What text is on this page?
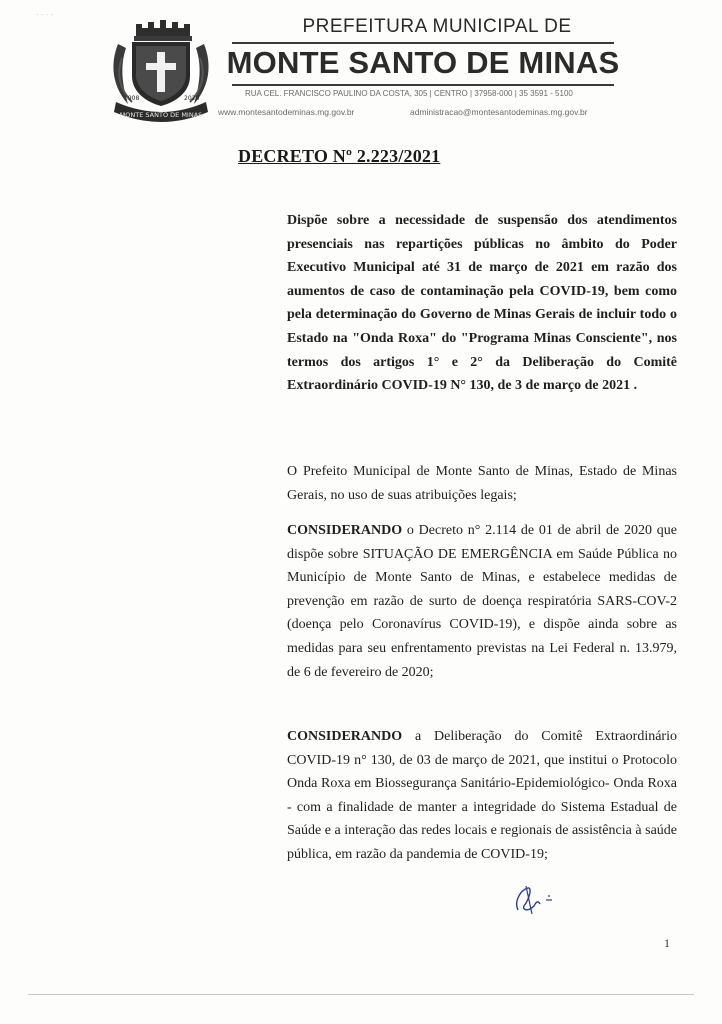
· · · ·
MONTE SANTO DE MINAS
1908	2020
PREFEITURA MUNICIPAL DE
MONTE SANTO DE MINAS
RUA CEL. FRANCISCO PAULINO DA COSTA, 305 | CENTRO | 37958-000 | 35 3591 - 5100
www.montesantodeminas.mg.gov.br	administracao@montesantodeminas.mg.gov.br
DECRETO Nº 2.223/2021
Dispõe sobre a necessidade de suspensão dos atendimentos presenciais nas repartições públicas no âmbito do Poder Executivo Municipal até 31 de março de 2021 em razão dos aumentos de caso de contaminação pela COVID-19, bem como pela determinação do Governo de Minas Gerais de incluir todo o Estado na "Onda Roxa" do "Programa Minas Consciente", nos termos dos artigos 1° e 2° da Deliberação do Comitê Extraordinário COVID-19 N° 130, de 3 de março de 2021 .
O Prefeito Municipal de Monte Santo de Minas, Estado de Minas Gerais, no uso de suas atribuições legais;
CONSIDERANDO o Decreto n° 2.114 de 01 de abril de 2020 que dispõe sobre SITUAÇÃO DE EMERGÊNCIA em Saúde Pública no Município de Monte Santo de Minas, e estabelece medidas de prevenção em razão de surto de doença respiratória SARS-COV-2 (doença pelo Coronavírus COVID-19), e dispõe ainda sobre as medidas para seu enfrentamento previstas na Lei Federal n. 13.979, de 6 de fevereiro de 2020;
CONSIDERANDO a Deliberação do Comitê Extraordinário COVID-19 n° 130, de 03 de março de 2021, que institui o Protocolo Onda Roxa em Biossegurança Sanitário-Epidemiológico- Onda Roxa - com a finalidade de manter a integridade do Sistema Estadual de Saúde e a interação das redes locais e regionais de assistência à saúde pública, em razão da pandemia de COVID-19;
1
